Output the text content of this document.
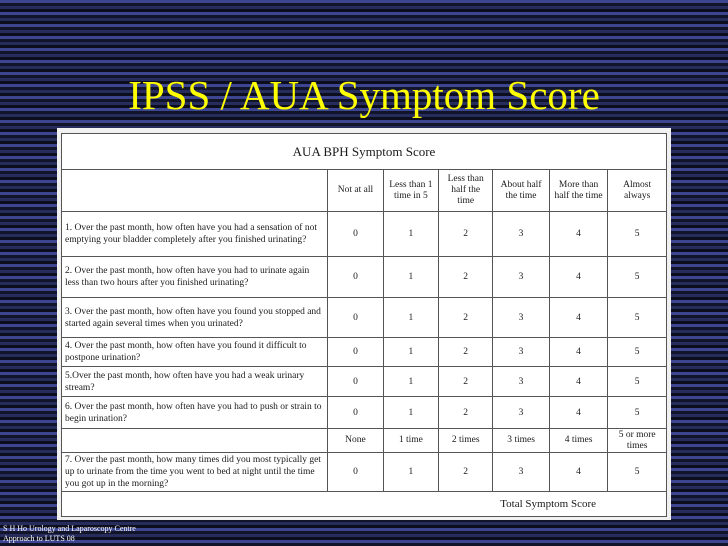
IPSS / AUA Symptom Score
AUA BPH Symptom Score						
	Not at all	Less than 1 time in 5	Less than half the time	About half the time	More than half the time	Almost always
1. Over the past month, how often have you had a sensation of not emptying your bladder completely after you finished urinating?	0	1	2	3	4	5
2. Over the past month, how often have you had to urinate again less than two hours after you finished urinating?	0	1	2	3	4	5
3. Over the past month, how often have you found you stopped and started again several times when you urinated?	0	1	2	3	4	5
4. Over the past month, how often have you found it difficult to postpone urination?	0	1	2	3	4	5
5.Over the past month, how often have you had a weak urinary stream?	0	1	2	3	4	5
6. Over the past month, how often have you had to push or strain to begin urination?	0	1	2	3	4	5
	None	1 time	2 times	3 times	4 times	5 or more times
7. Over the past month, how many times did you most typically get up to urinate from the time you went to bed at night until the time you got up in the morning?	0	1	2	3	4	5
Total Symptom Score						
S H Ho Urology and Laparoscopy Centre
Approach to LUTS 08
